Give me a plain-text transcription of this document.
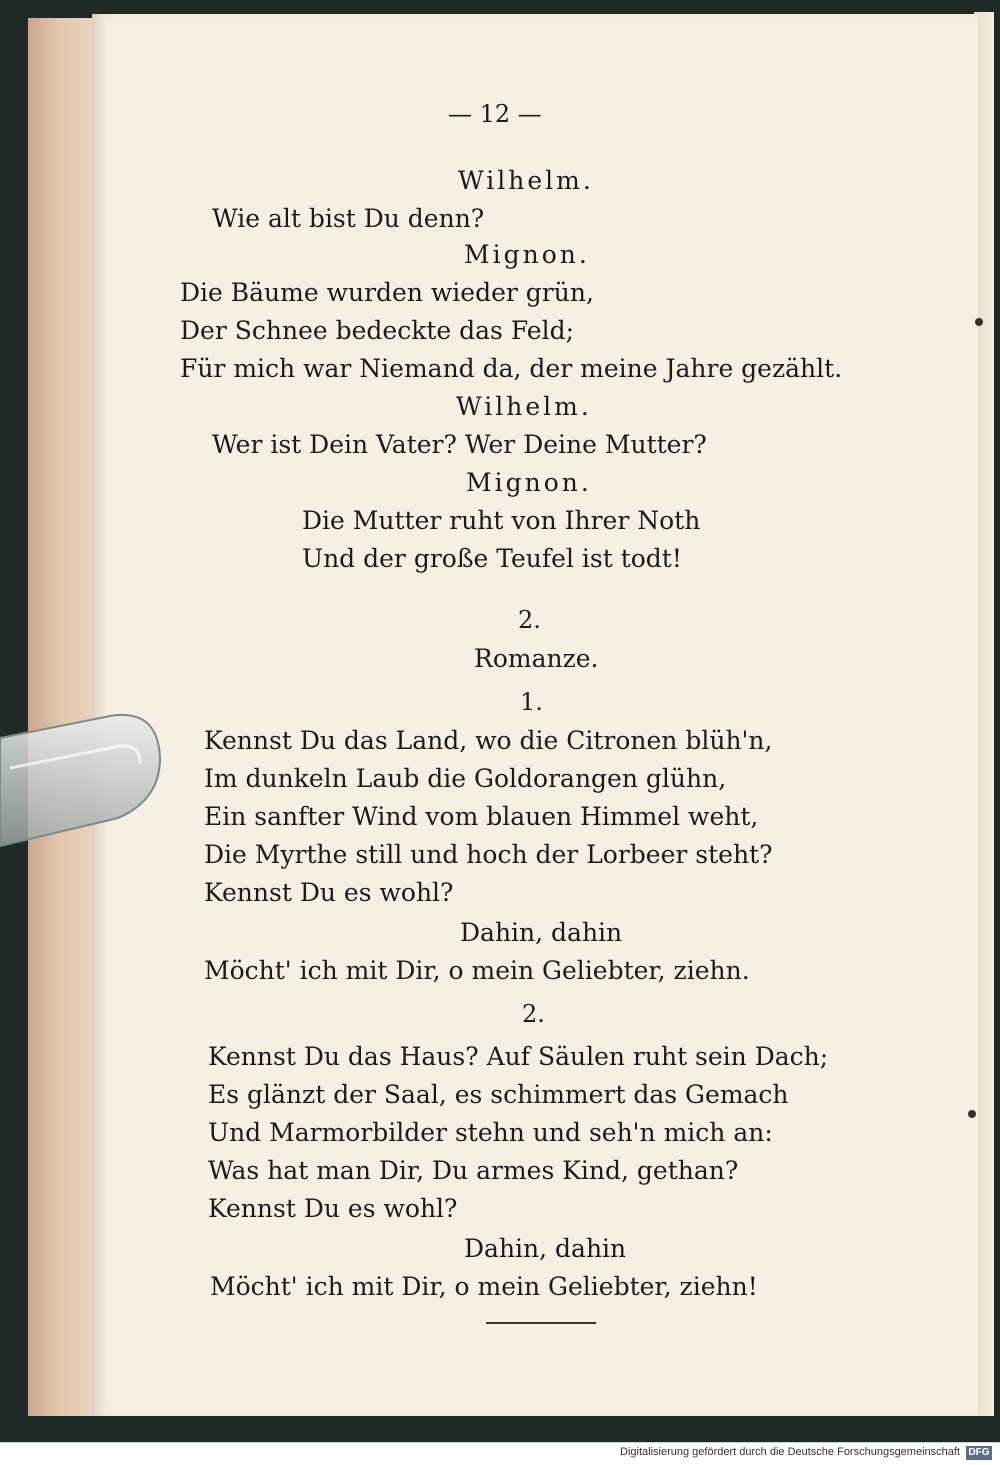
— 12 —
Wilhelm.
Wie alt bist Du denn?
Mignon.
Die Bäume wurden wieder grün,
Der Schnee bedeckte das Feld;
Für mich war Niemand da, der meine Jahre gezählt.
Wilhelm.
Wer ist Dein Vater? Wer Deine Mutter?
Mignon.
Die Mutter ruht von Ihrer Noth
Und der große Teufel ist todt!
2.
Romanze.
1.
Kennst Du das Land, wo die Citronen blüh'n,
Im dunkeln Laub die Goldorangen glühn,
Ein sanfter Wind vom blauen Himmel weht,
Die Myrthe still und hoch der Lorbeer steht?
Kennst Du es wohl?
Dahin, dahin
Möcht' ich mit Dir, o mein Geliebter, ziehn.
2.
Kennst Du das Haus? Auf Säulen ruht sein Dach;
Es glänzt der Saal, es schimmert das Gemach
Und Marmorbilder stehn und seh'n mich an:
Was hat man Dir, Du armes Kind, gethan?
Kennst Du es wohl?
Dahin, dahin
Möcht' ich mit Dir, o mein Geliebter, ziehn!
Digitalisierung gefördert durch die Deutsche Forschungsgemeinschaft DFG
